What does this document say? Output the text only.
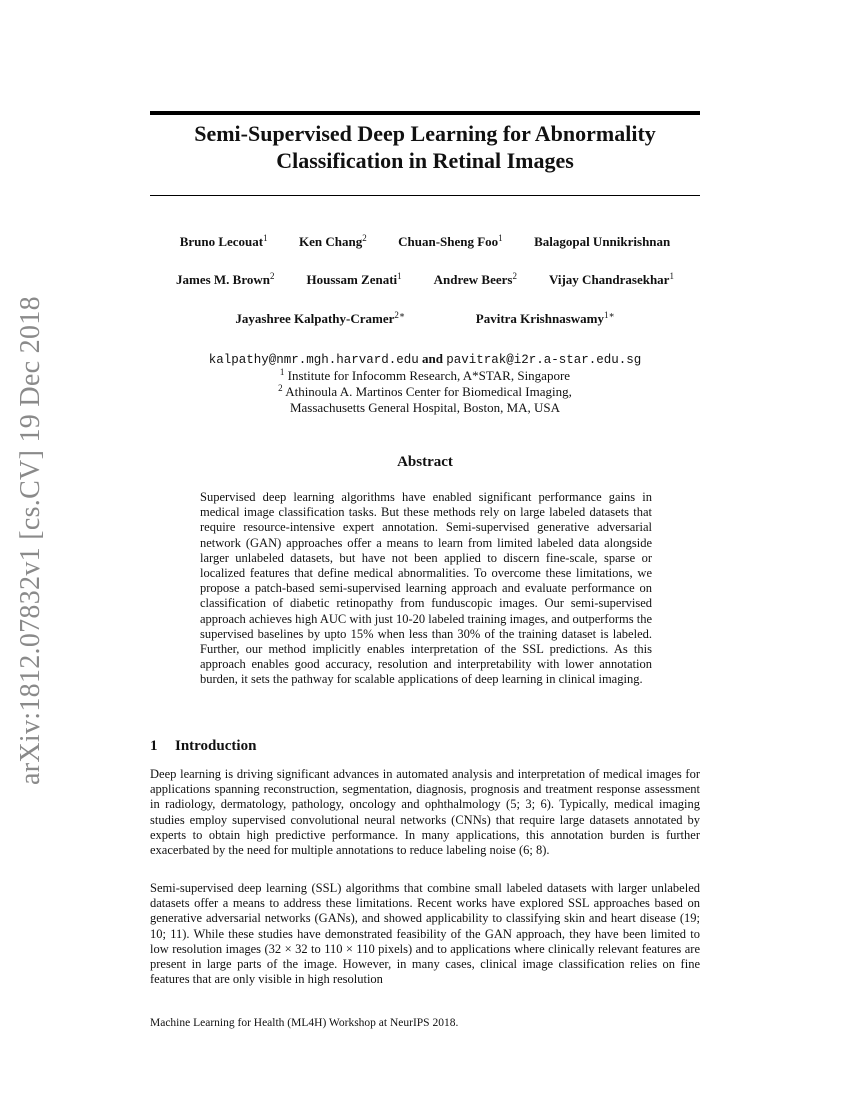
arXiv:1812.07832v1 [cs.CV] 19 Dec 2018
Semi-Supervised Deep Learning for Abnormality
Classification in Retinal Images
Bruno Lecouat$^1$ Ken Chang$^2$ Chuan-Sheng Foo$^1$ Balagopal Unnikrishnan
James M. Brown$^2$ Houssam Zenati$^1$ Andrew Beers$^2$ Vijay Chandrasekhar$^1$
Jayashree Kalpathy-Cramer$^{2∗}$	Pavitra Krishnaswamy$^{1∗}$
kalpathy@nmr.mgh.harvard.edu and pavitrak@i2r.a-star.edu.sg
$^1$ Institute for Infocomm Research, A*STAR, Singapore
$^2$ Athinoula A. Martinos Center for Biomedical Imaging,
Massachusetts General Hospital, Boston, MA, USA
Abstract

Supervised deep learning algorithms have enabled significant performance gains in medical image classification tasks. But these methods rely on large labeled datasets that require resource-intensive expert annotation. Semi-supervised generative adversarial network (GAN) approaches offer a means to learn from limited labeled data alongside larger unlabeled datasets, but have not been applied to discern fine-scale, sparse or localized features that define medical abnormalities. To overcome these limitations, we propose a patch-based semi-supervised learning approach and evaluate performance on classification of diabetic retinopathy from funduscopic images. Our semi-supervised approach achieves high AUC with just 10-20 labeled training images, and outperforms the supervised baselines by upto 15% when less than 30% of the training dataset is labeled. Further, our method implicitly enables interpretation of the SSL predictions. As this approach enables good accuracy, resolution and interpretability with lower annotation burden, it sets the pathway for scalable applications of deep learning in clinical imaging.

1 Introduction

Deep learning is driving significant advances in automated analysis and interpretation of medical images for applications spanning reconstruction, segmentation, diagnosis, prognosis and treatment response assessment in radiology, dermatology, pathology, oncology and ophthalmology (5; 3; 6). Typically, medical imaging studies employ supervised convolutional neural networks (CNNs) that require large datasets annotated by experts to obtain high predictive performance. In many applications, this annotation burden is further exacerbated by the need for multiple annotations to reduce labeling noise (6; 8).

Semi-supervised deep learning (SSL) algorithms that combine small labeled datasets with larger unlabeled datasets offer a means to address these limitations. Recent works have explored SSL approaches based on generative adversarial networks (GANs), and showed applicability to classifying skin and heart disease (19; 10; 11). While these studies have demonstrated feasibility of the GAN approach, they have been limited to low resolution images (32 × 32 to 110 × 110 pixels) and to applications where clinically relevant features are present in large parts of the image. However, in many cases, clinical image classification relies on fine features that are only visible in high resolution

Machine Learning for Health (ML4H) Workshop at NeurIPS 2018.
